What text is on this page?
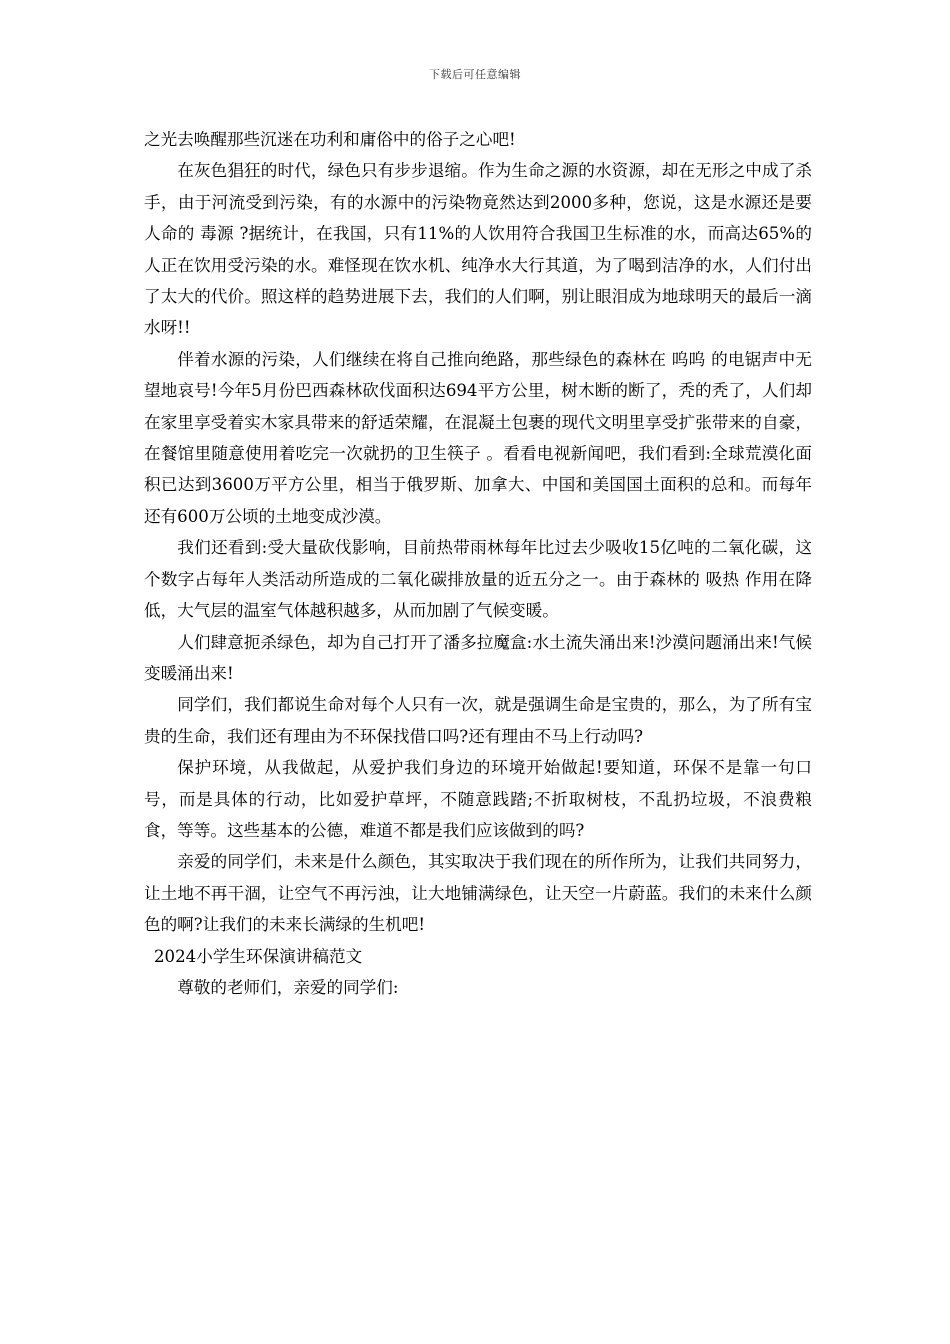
下载后可任意编辑

之光去唤醒那些沉迷在功利和庸俗中的俗子之心吧!

在灰色猖狂的时代，绿色只有步步退缩。作为生命之源的水资源，却在无形之中成了杀手，由于河流受到污染，有的水源中的污染物竟然达到2000多种，您说，这是水源还是要人命的 毒源 ?据统计，在我国，只有11%的人饮用符合我国卫生标准的水，而高达65%的人正在饮用受污染的水。难怪现在饮水机、纯净水大行其道，为了喝到洁净的水，人们付出了太大的代价。照这样的趋势进展下去，我们的人们啊，别让眼泪成为地球明天的最后一滴水呀!!

伴着水源的污染，人们继续在将自己推向绝路，那些绿色的森林在 呜呜 的电锯声中无望地哀号!今年5月份巴西森林砍伐面积达694平方公里，树木断的断了，秃的秃了，人们却在家里享受着实木家具带来的舒适荣耀，在混凝土包裹的现代文明里享受扩张带来的自豪，在餐馆里随意使用着吃完一次就扔的卫生筷子 。看看电视新闻吧，我们看到:全球荒漠化面积已达到3600万平方公里，相当于俄罗斯、加拿大、中国和美国国土面积的总和。而每年还有600万公顷的土地变成沙漠。

我们还看到:受大量砍伐影响，目前热带雨林每年比过去少吸收15亿吨的二氧化碳，这个数字占每年人类活动所造成的二氧化碳排放量的近五分之一。由于森林的 吸热 作用在降低，大气层的温室气体越积越多，从而加剧了气候变暖。

人们肆意扼杀绿色，却为自己打开了潘多拉魔盒:水土流失涌出来!沙漠问题涌出来!气候变暖涌出来!

同学们，我们都说生命对每个人只有一次，就是强调生命是宝贵的，那么，为了所有宝贵的生命，我们还有理由为不环保找借口吗?还有理由不马上行动吗?

保护环境，从我做起，从爱护我们身边的环境开始做起!要知道，环保不是靠一句口号，而是具体的行动，比如爱护草坪，不随意践踏;不折取树枝，不乱扔垃圾，不浪费粮食，等等。这些基本的公德，难道不都是我们应该做到的吗?

亲爱的同学们，未来是什么颜色，其实取决于我们现在的所作所为，让我们共同努力，让土地不再干涸，让空气不再污浊，让大地铺满绿色，让天空一片蔚蓝。我们的未来什么颜色的啊?让我们的未来长满绿的生机吧!

2024小学生环保演讲稿范文

尊敬的老师们，亲爱的同学们:
